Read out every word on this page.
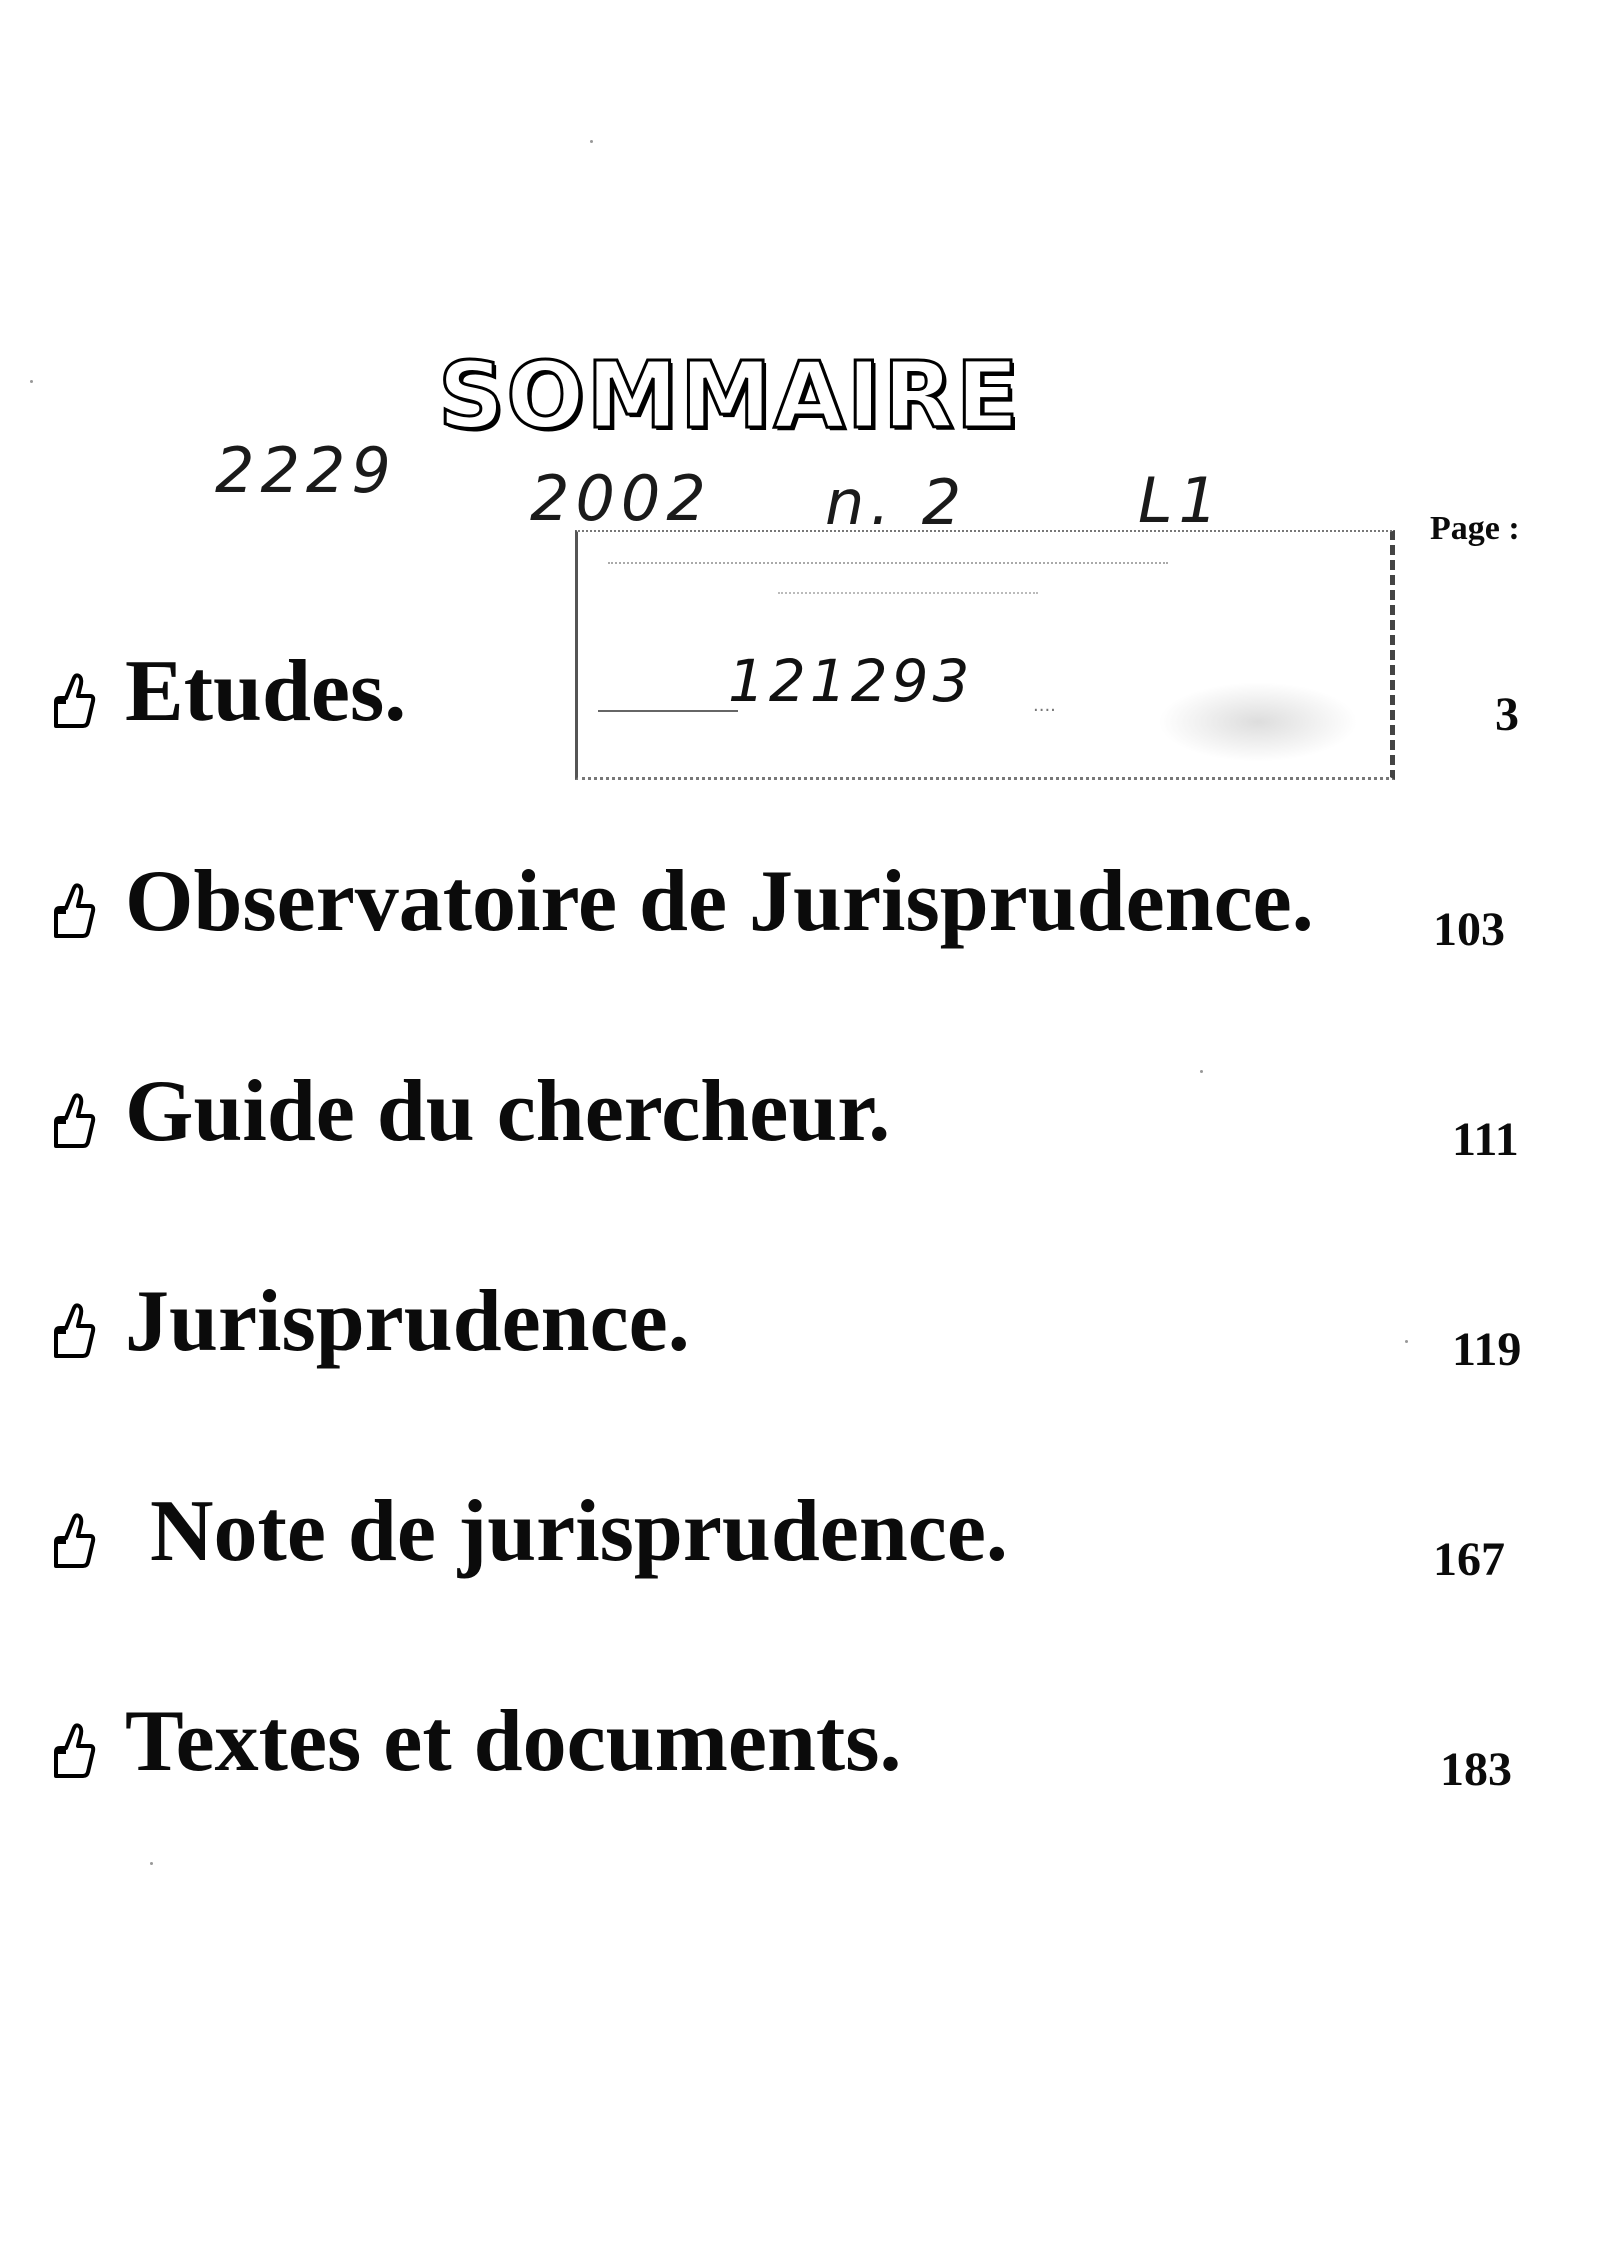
SOMMAIRE
2229 2002 n. 2	L1	Page :
121293	····
Etudes.	3
Observatoire de Jurisprudence. 103
Guide du chercheur.	111
Jurisprudence.	119
Note de jurisprudence.	167
Textes et documents.	183
